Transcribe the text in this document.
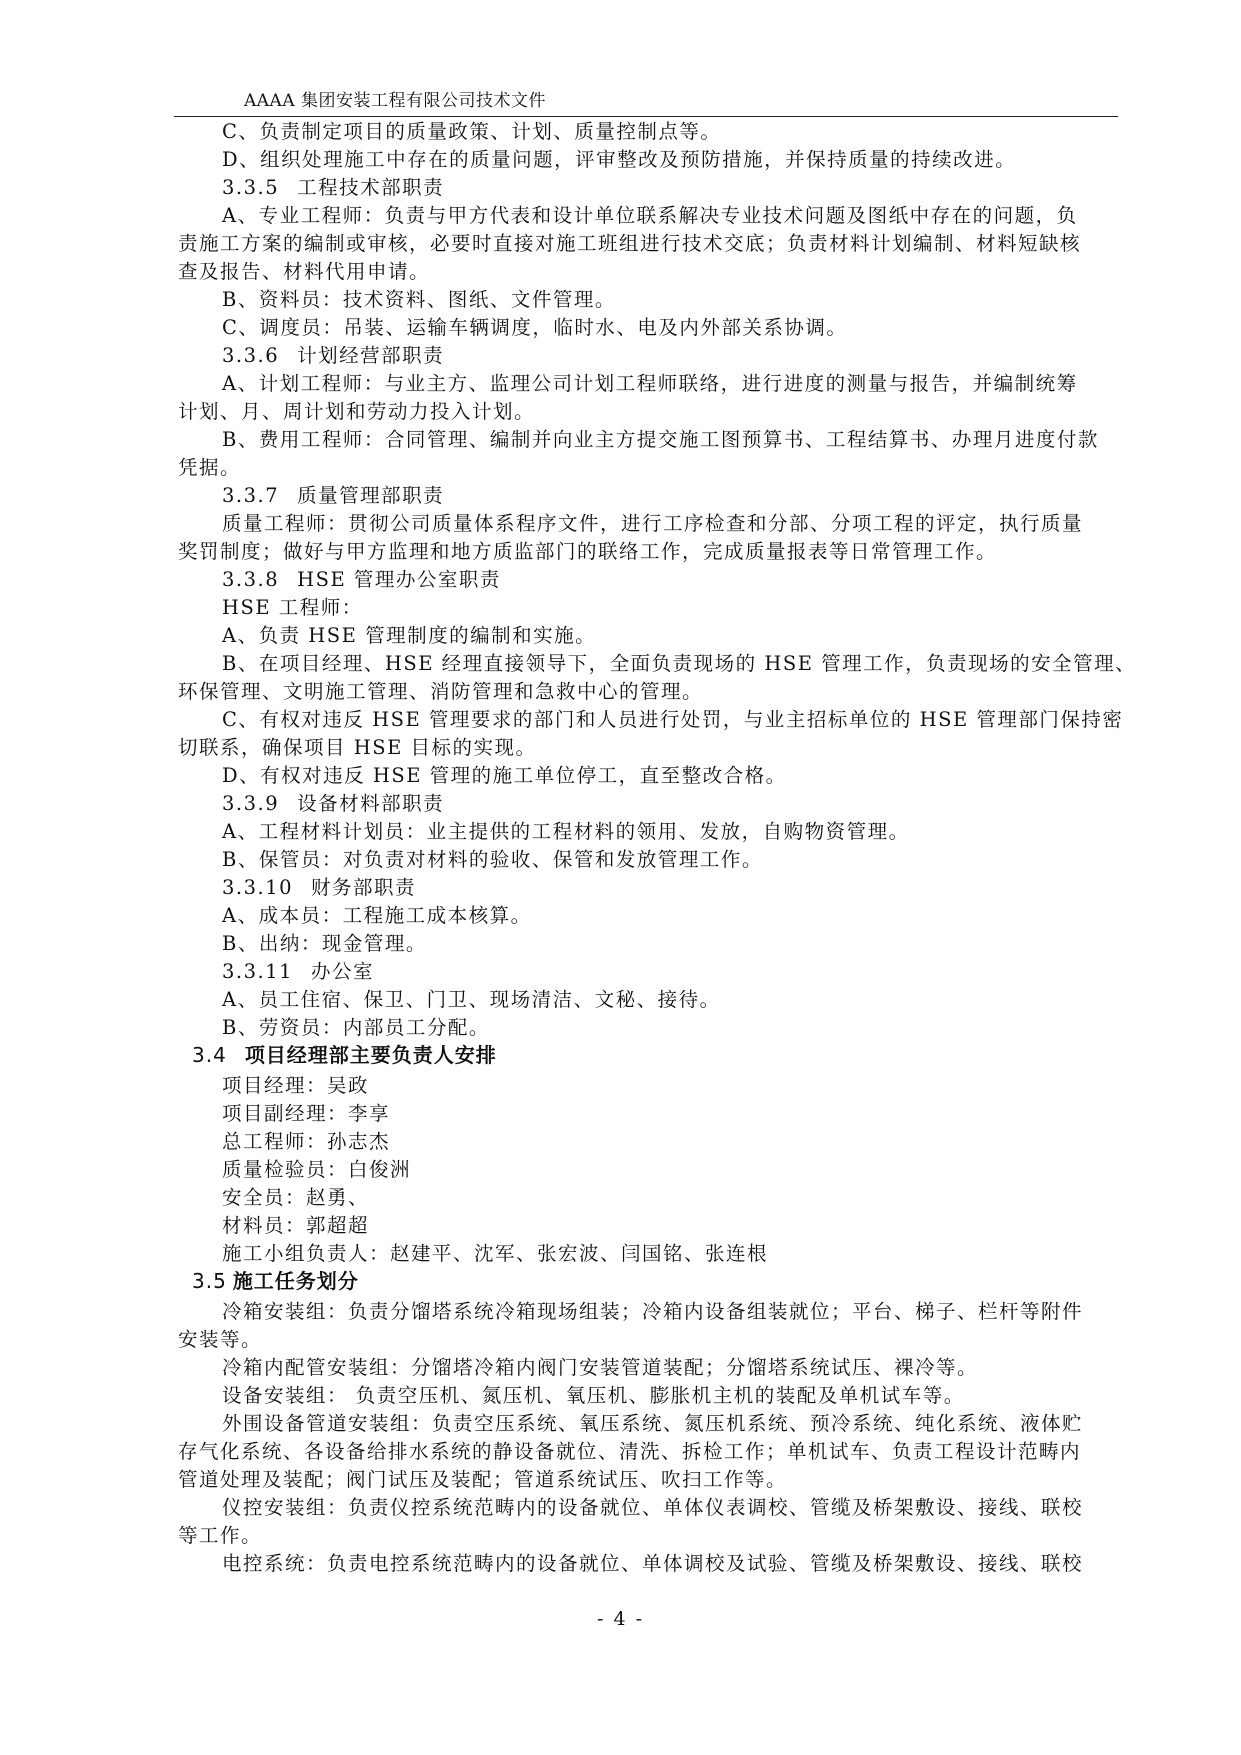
AAAA 集团安装工程有限公司技术文件
C、负责制定项目的质量政策、计划、质量控制点等。
D、组织处理施工中存在的质量问题，评审整改及预防措施，并保持质量的持续改进。
3.3.5 工程技术部职责
A、专业工程师：负责与甲方代表和设计单位联系解决专业技术问题及图纸中存在的问题，负
责施工方案的编制或审核，必要时直接对施工班组进行技术交底；负责材料计划编制、材料短缺核
查及报告、材料代用申请。
B、资料员：技术资料、图纸、文件管理。
C、调度员：吊装、运输车辆调度，临时水、电及内外部关系协调。
3.3.6 计划经营部职责
A、计划工程师：与业主方、监理公司计划工程师联络，进行进度的测量与报告，并编制统筹
计划、月、周计划和劳动力投入计划。
B、费用工程师：合同管理、编制并向业主方提交施工图预算书、工程结算书、办理月进度付款
凭据。
3.3.7 质量管理部职责
质量工程师：贯彻公司质量体系程序文件，进行工序检查和分部、分项工程的评定，执行质量
奖罚制度；做好与甲方监理和地方质监部门的联络工作，完成质量报表等日常管理工作。
3.3.8 HSE 管理办公室职责
HSE 工程师：
A、负责 HSE 管理制度的编制和实施。
B、在项目经理、HSE 经理直接领导下，全面负责现场的 HSE 管理工作，负责现场的安全管理、
环保管理、文明施工管理、消防管理和急救中心的管理。
C、有权对违反 HSE 管理要求的部门和人员进行处罚，与业主招标单位的 HSE 管理部门保持密
切联系，确保项目 HSE 目标的实现。
D、有权对违反 HSE 管理的施工单位停工，直至整改合格。
3.3.9 设备材料部职责
A、工程材料计划员：业主提供的工程材料的领用、发放，自购物资管理。
B、保管员：对负责对材料的验收、保管和发放管理工作。
3.3.10 财务部职责
A、成本员：工程施工成本核算。
B、出纳：现金管理。
3.3.11 办公室
A、员工住宿、保卫、门卫、现场清洁、文秘、接待。
B、劳资员：内部员工分配。
3.4 项目经理部主要负责人安排
项目经理：吴政
项目副经理：李享
总工程师：孙志杰
质量检验员：白俊洲
安全员：赵勇、
材料员：郭超超
施工小组负责人：赵建平、沈军、张宏波、闫国铭、张连根
3.5 施工任务划分
冷箱安装组：负责分馏塔系统冷箱现场组装；冷箱内设备组装就位；平台、梯子、栏杆等附件
安装等。
冷箱内配管安装组：分馏塔冷箱内阀门安装管道装配；分馏塔系统试压、裸冷等。
设备安装组： 负责空压机、氮压机、氧压机、膨胀机主机的装配及单机试车等。
外围设备管道安装组：负责空压系统、氧压系统、氮压机系统、预冷系统、纯化系统、液体贮
存气化系统、各设备给排水系统的静设备就位、清洗、拆检工作；单机试车、负责工程设计范畴内
管道处理及装配；阀门试压及装配；管道系统试压、吹扫工作等。
仪控安装组：负责仪控系统范畴内的设备就位、单体仪表调校、管缆及桥架敷设、接线、联校
等工作。
电控系统：负责电控系统范畴内的设备就位、单体调校及试验、管缆及桥架敷设、接线、联校
- 4 -
